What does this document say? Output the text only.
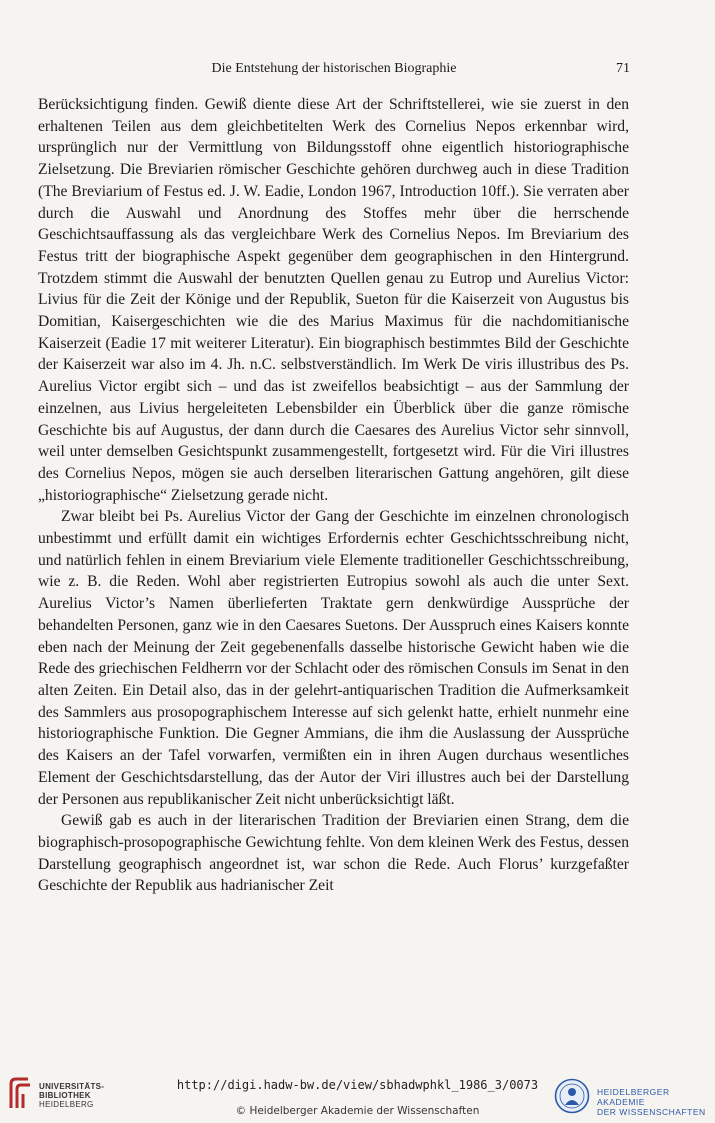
Die Entstehung der historischen Biographie	71

Berücksichtigung finden. Gewiß diente diese Art der Schriftstellerei, wie sie zuerst in den erhaltenen Teilen aus dem gleichbetitelten Werk des Cornelius Nepos erkennbar wird, ursprünglich nur der Vermittlung von Bildungsstoff ohne eigentlich historiographische Zielsetzung. Die Breviarien römischer Geschichte gehören durchweg auch in diese Tradition (The Breviarium of Festus ed. J. W. Eadie, London 1967, Introduction 10ff.). Sie verraten aber durch die Auswahl und Anordnung des Stoffes mehr über die herrschende Geschichtsauffassung als das vergleichbare Werk des Cornelius Nepos. Im Breviarium des Festus tritt der biographische Aspekt gegenüber dem geographischen in den Hintergrund. Trotzdem stimmt die Auswahl der benutzten Quellen genau zu Eutrop und Aurelius Victor: Livius für die Zeit der Könige und der Republik, Sueton für die Kaiserzeit von Augustus bis Domitian, Kaisergeschichten wie die des Marius Maximus für die nachdomitianische Kaiserzeit (Eadie 17 mit weiterer Literatur). Ein biographisch bestimmtes Bild der Geschichte der Kaiserzeit war also im 4. Jh. n.C. selbstverständlich. Im Werk De viris illustribus des Ps. Aurelius Victor ergibt sich – und das ist zweifellos beabsichtigt – aus der Sammlung der einzelnen, aus Livius hergeleiteten Lebensbilder ein Überblick über die ganze römische Geschichte bis auf Augustus, der dann durch die Caesares des Aurelius Victor sehr sinnvoll, weil unter demselben Gesichtspunkt zusammengestellt, fortgesetzt wird. Für die Viri illustres des Cornelius Nepos, mögen sie auch derselben literarischen Gattung angehören, gilt diese „historiographische“ Zielsetzung gerade nicht.

Zwar bleibt bei Ps. Aurelius Victor der Gang der Geschichte im einzelnen chronologisch unbestimmt und erfüllt damit ein wichtiges Erfordernis echter Geschichtsschreibung nicht, und natürlich fehlen in einem Breviarium viele Elemente traditioneller Geschichtsschreibung, wie z. B. die Reden. Wohl aber registrierten Eutropius sowohl als auch die unter Sext. Aurelius Victor’s Namen überlieferten Traktate gern denkwürdige Aussprüche der behandelten Personen, ganz wie in den Caesares Suetons. Der Ausspruch eines Kaisers konnte eben nach der Meinung der Zeit gegebenenfalls dasselbe historische Gewicht haben wie die Rede des griechischen Feldherrn vor der Schlacht oder des römischen Consuls im Senat in den alten Zeiten. Ein Detail also, das in der gelehrt-antiquarischen Tradition die Aufmerksamkeit des Sammlers aus prosopographischem Interesse auf sich gelenkt hatte, erhielt nunmehr eine historiographische Funktion. Die Gegner Ammians, die ihm die Auslassung der Aussprüche des Kaisers an der Tafel vorwarfen, vermißten ein in ihren Augen durchaus wesentliches Element der Geschichtsdarstellung, das der Autor der Viri illustres auch bei der Darstellung der Personen aus republikanischer Zeit nicht unberücksichtigt läßt.

Gewiß gab es auch in der literarischen Tradition der Breviarien einen Strang, dem die biographisch-prosopographische Gewichtung fehlte. Von dem kleinen Werk des Festus, dessen Darstellung geographisch angeordnet ist, war schon die Rede. Auch Florus’ kurzgefaßter Geschichte der Republik aus hadrianischer Zeit

UNIVERSITÄTS-
BIBLIOTHEK
HEIDELBERG
http://digi.hadw-bw.de/view/sbhadwphkl_1986_3/0073
© Heidelberger Akademie der Wissenschaften
HEIDELBERGER AKADEMIE
DER WISSENSCHAFTEN
